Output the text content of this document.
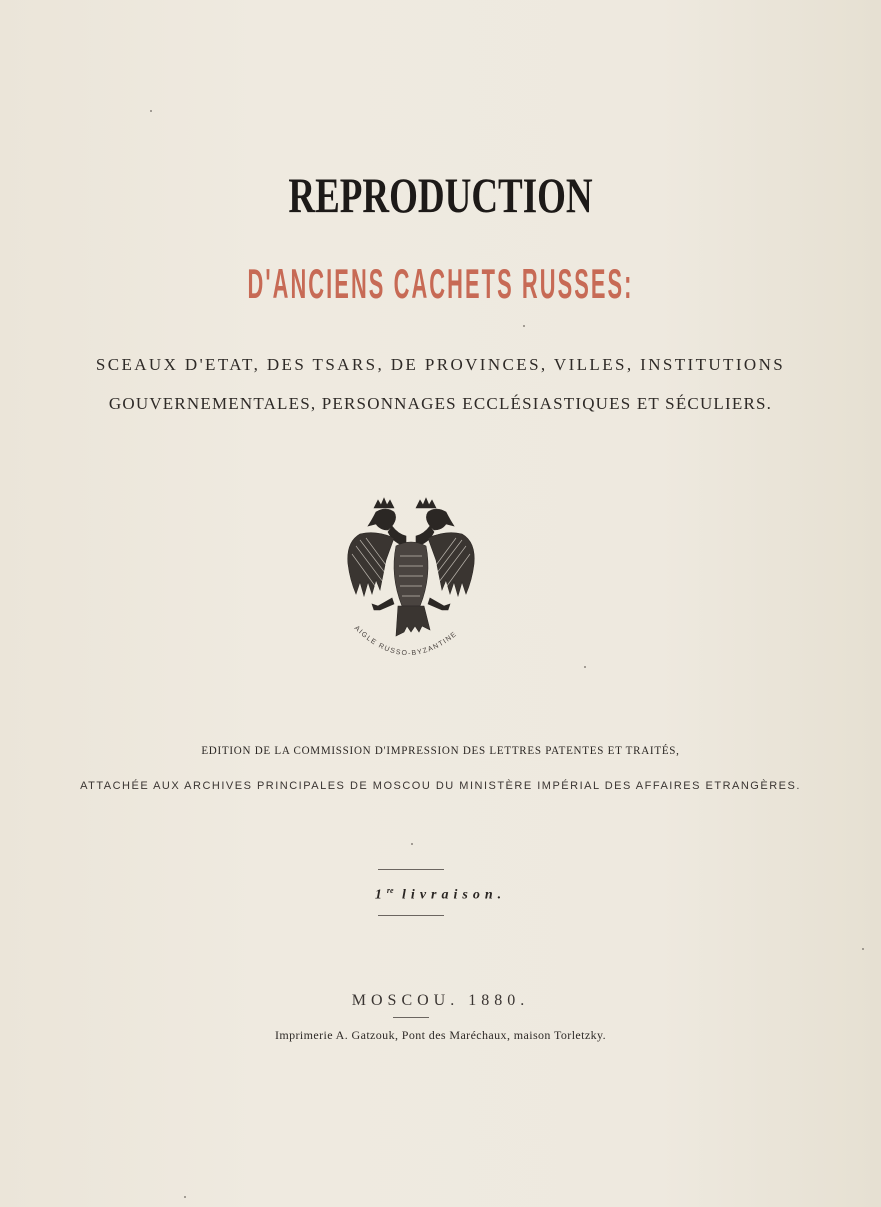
REPRODUCTION
D'ANCIENS CACHETS RUSSES:
SCEAUX D'ETAT, DES TSARS, DE PROVINCES, VILLES, INSTITUTIONS
GOUVERNEMENTALES, PERSONNAGES ECCLÉSIASTIQUES ET SÉCULIERS.
AIGLE RUSSO-BYZANTINE
EDITION DE LA COMMISSION D'IMPRESSION DES LETTRES PATENTES ET TRAITÉS,
ATTACHÉE AUX ARCHIVES PRINCIPALES DE MOSCOU DU MINISTÈRE IMPÉRIAL DES AFFAIRES ETRANGÈRES.
1re livraison.
MOSCOU. 1880.
Imprimerie A. Gatzouk, Pont des Maréchaux, maison Torletzky.
